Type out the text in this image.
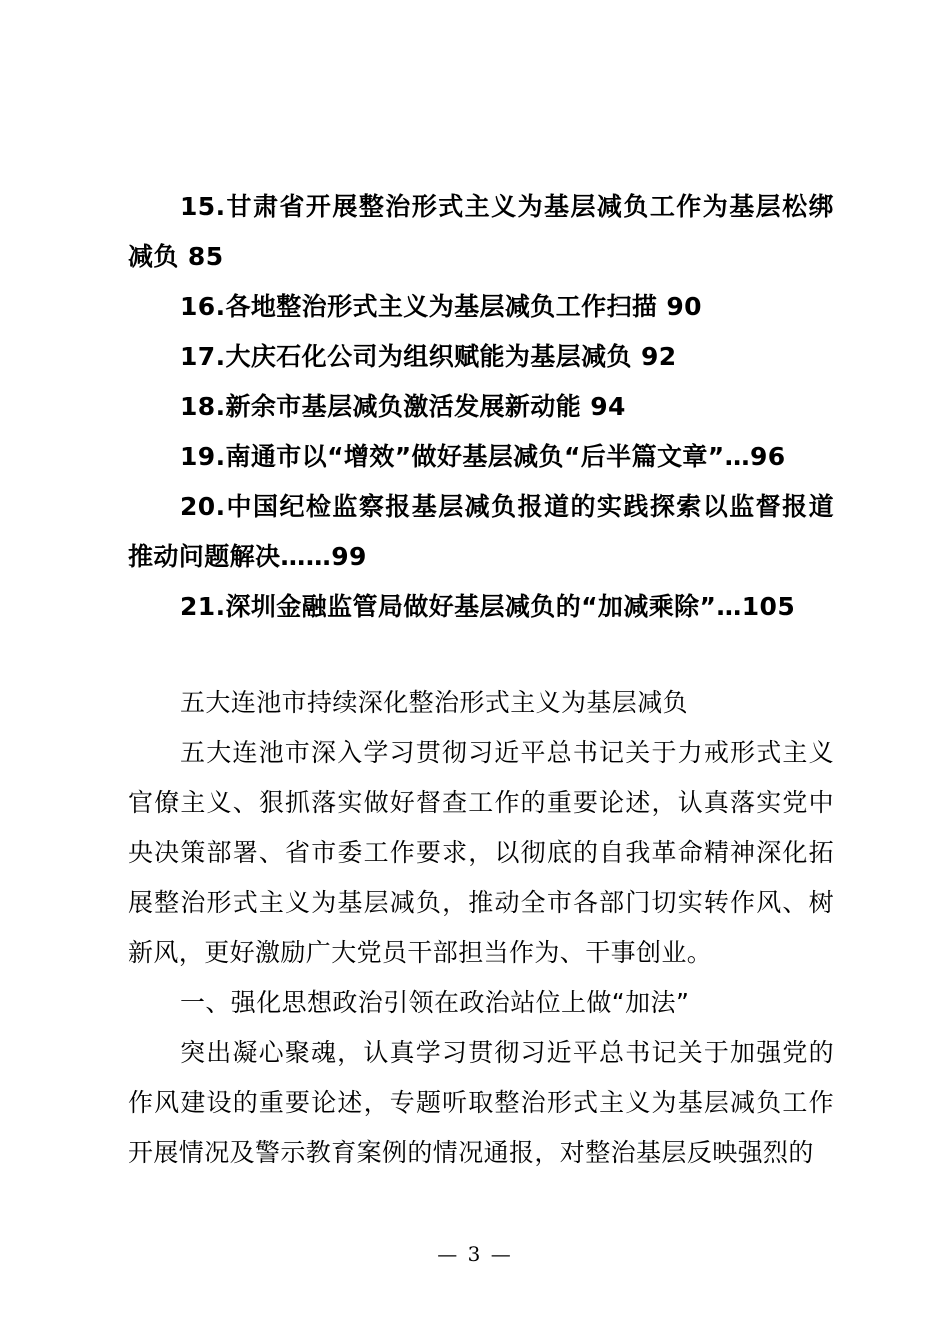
15.甘肃省开展整治形式主义为基层减负工作为基层松绑减负 85

16.各地整治形式主义为基层减负工作扫描 90

17.大庆石化公司为组织赋能为基层减负 92

18.新余市基层减负激活发展新动能 94

19.南通市以“增效”做好基层减负“后半篇文章”…96

20.中国纪检监察报基层减负报道的实践探索以监督报道推动问题解决……99

21.深圳金融监管局做好基层减负的“加减乘除”…105

五大连池市持续深化整治形式主义为基层减负

五大连池市深入学习贯彻习近平总书记关于力戒形式主义官僚主义、狠抓落实做好督查工作的重要论述，认真落实党中央决策部署、省市委工作要求，以彻底的自我革命精神深化拓展整治形式主义为基层减负，推动全市各部门切实转作风、树新风，更好激励广大党员干部担当作为、干事创业。

一、强化思想政治引领在政治站位上做“加法”

突出凝心聚魂，认真学习贯彻习近平总书记关于加强党的作风建设的重要论述，专题听取整治形式主义为基层减负工作开展情况及警示教育案例的情况通报，对整治基层反映强烈的

— 3 —
